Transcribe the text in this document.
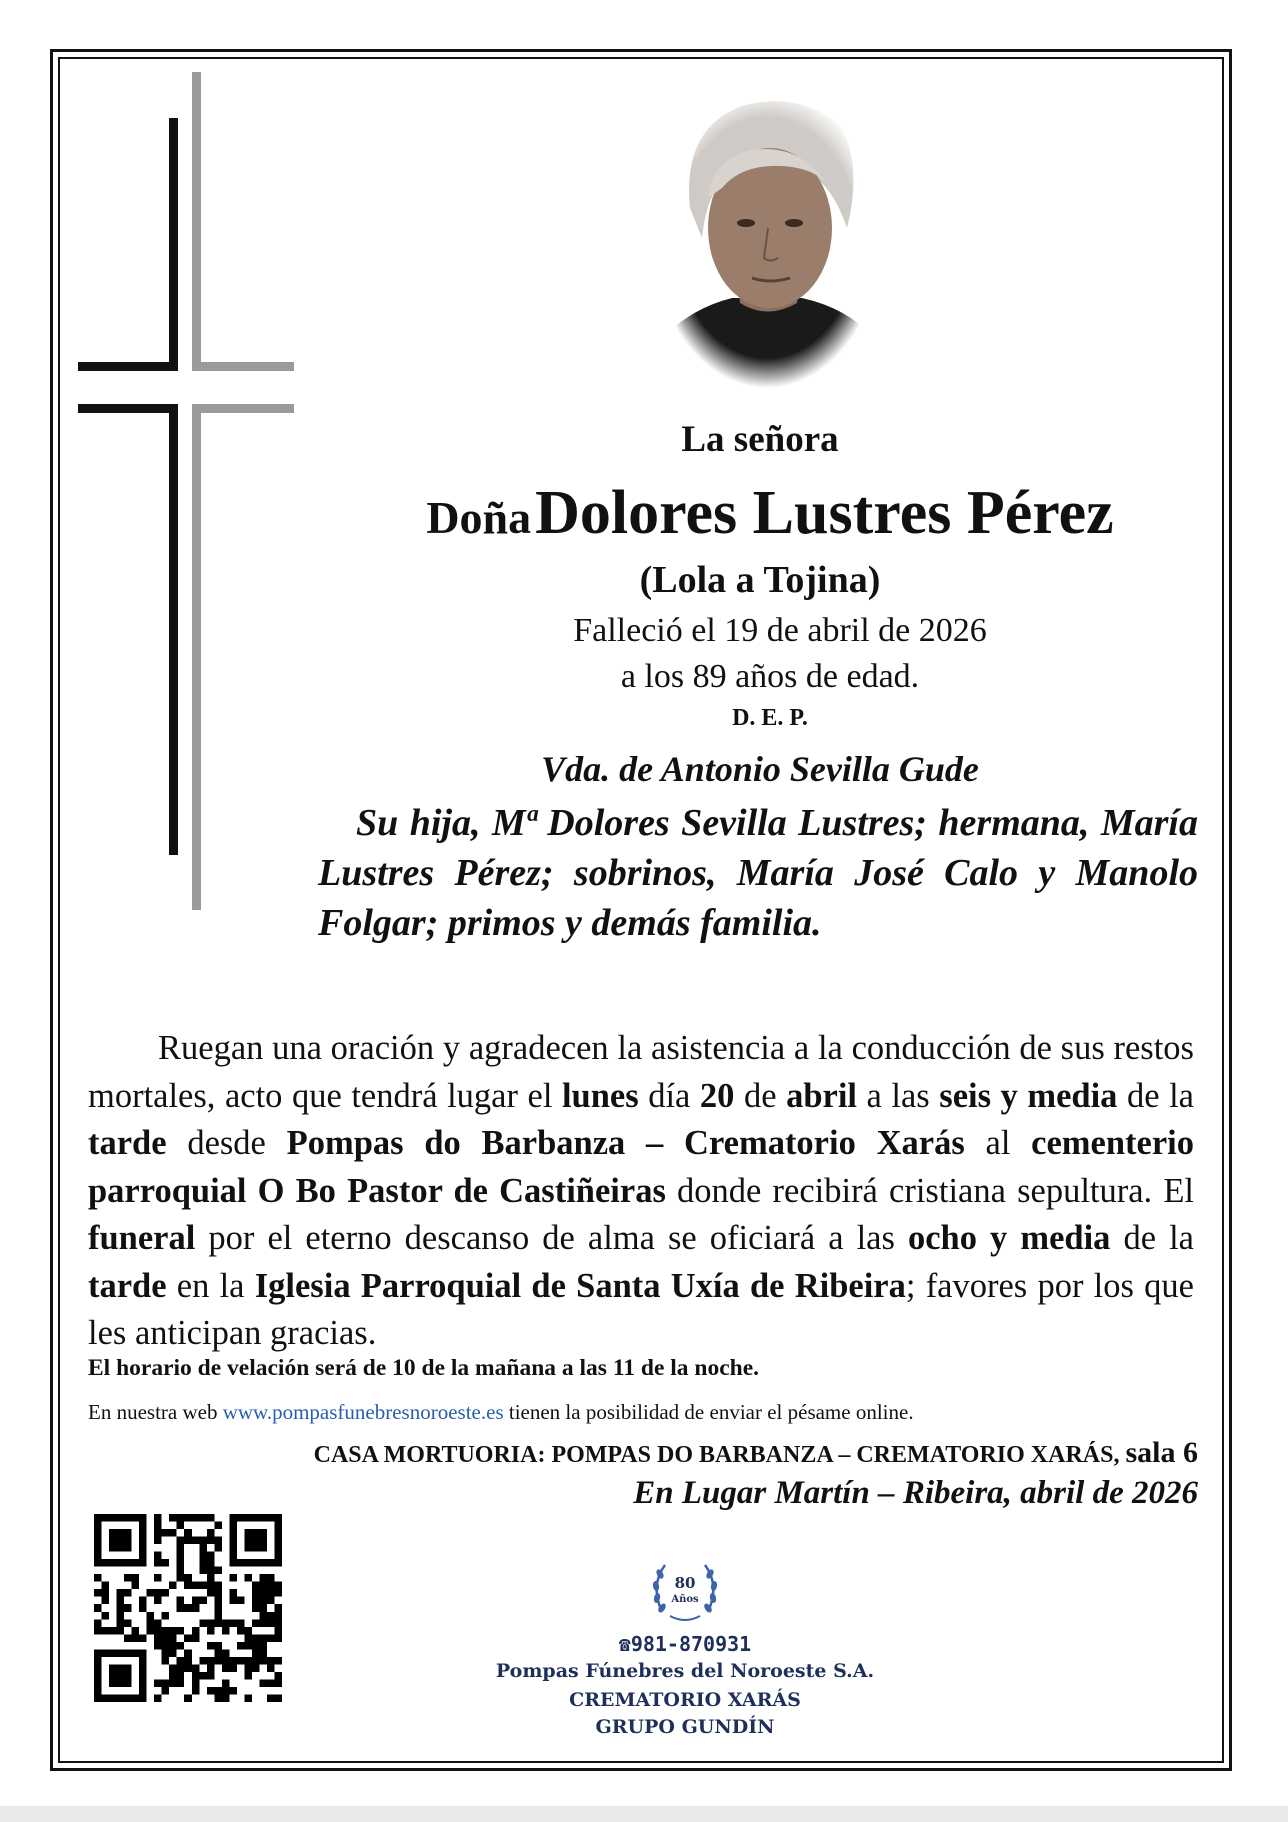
La señora
Doña Dolores Lustres Pérez
(Lola a Tojina)
Falleció el 19 de abril de 2026
a los 89 años de edad.
D. E. P.
Vda. de Antonio Sevilla Gude

Su hija, Mª Dolores Sevilla Lustres; hermana, María Lustres Pérez; sobrinos, María José Calo y Manolo Folgar; primos y demás familia.

Ruegan una oración y agradecen la asistencia a la conducción de sus restos mortales, acto que tendrá lugar el lunes día 20 de abril a las seis y media de la tarde desde Pompas do Barbanza – Crematorio Xarás al cementerio parroquial O Bo Pastor de Castiñeiras donde recibirá cristiana sepultura. El funeral por el eterno descanso de alma se oficiará a las ocho y media de la tarde en la Iglesia Parroquial de Santa Uxía de Ribeira; favores por los que les anticipan gracias.

El horario de velación será de 10 de la mañana a las 11 de la noche.
En nuestra web www.pompasfunebresnoroeste.es tienen la posibilidad de enviar el pésame online.
CASA MORTUORIA: POMPAS DO BARBANZA – CREMATORIO XARÁS, sala 6
En Lugar Martín – Ribeira, abril de 2026
80
Años
☎981-870931
Pompas Fúnebres del Noroeste S.A.
CREMATORIO XARÁS
GRUPO GUNDÍN
